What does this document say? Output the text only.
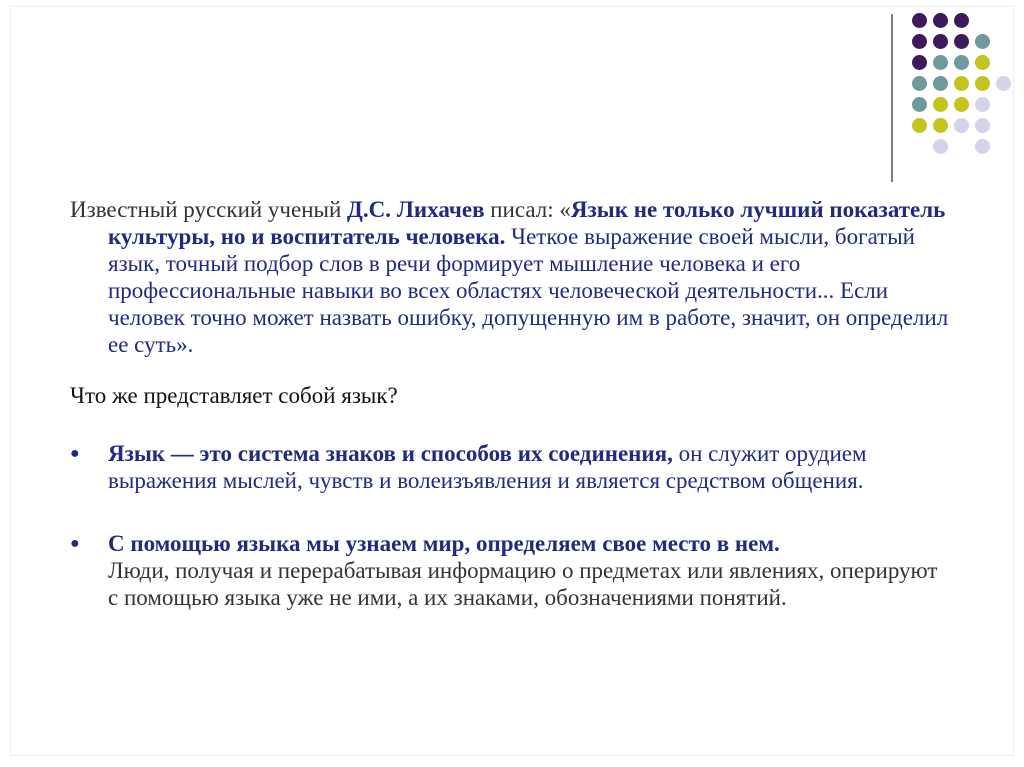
Известный русский ученый Д.С. Лихачев писал: «Язык не только лучший показатель культуры, но и воспитатель человека. Четкое выражение своей мысли, богатый язык, точный подбор слов в речи формирует мышление человека и его профессиональные навыки во всех областях человеческой деятельности... Если человек точно может назвать ошибку, допущенную им в работе, значит, он определил ее суть».

Что же представляет собой язык?

● Язык — это система знаков и способов их соединения, он служит орудием выражения мыслей, чувств и волеизъявления и является средством общения.
● С помощью языка мы узнаем мир, определяем свое место в нем.
Люди, получая и перерабатывая информацию о предметах или явлениях, оперируют с помощью языка уже не ими, а их знаками, обозначениями понятий.
